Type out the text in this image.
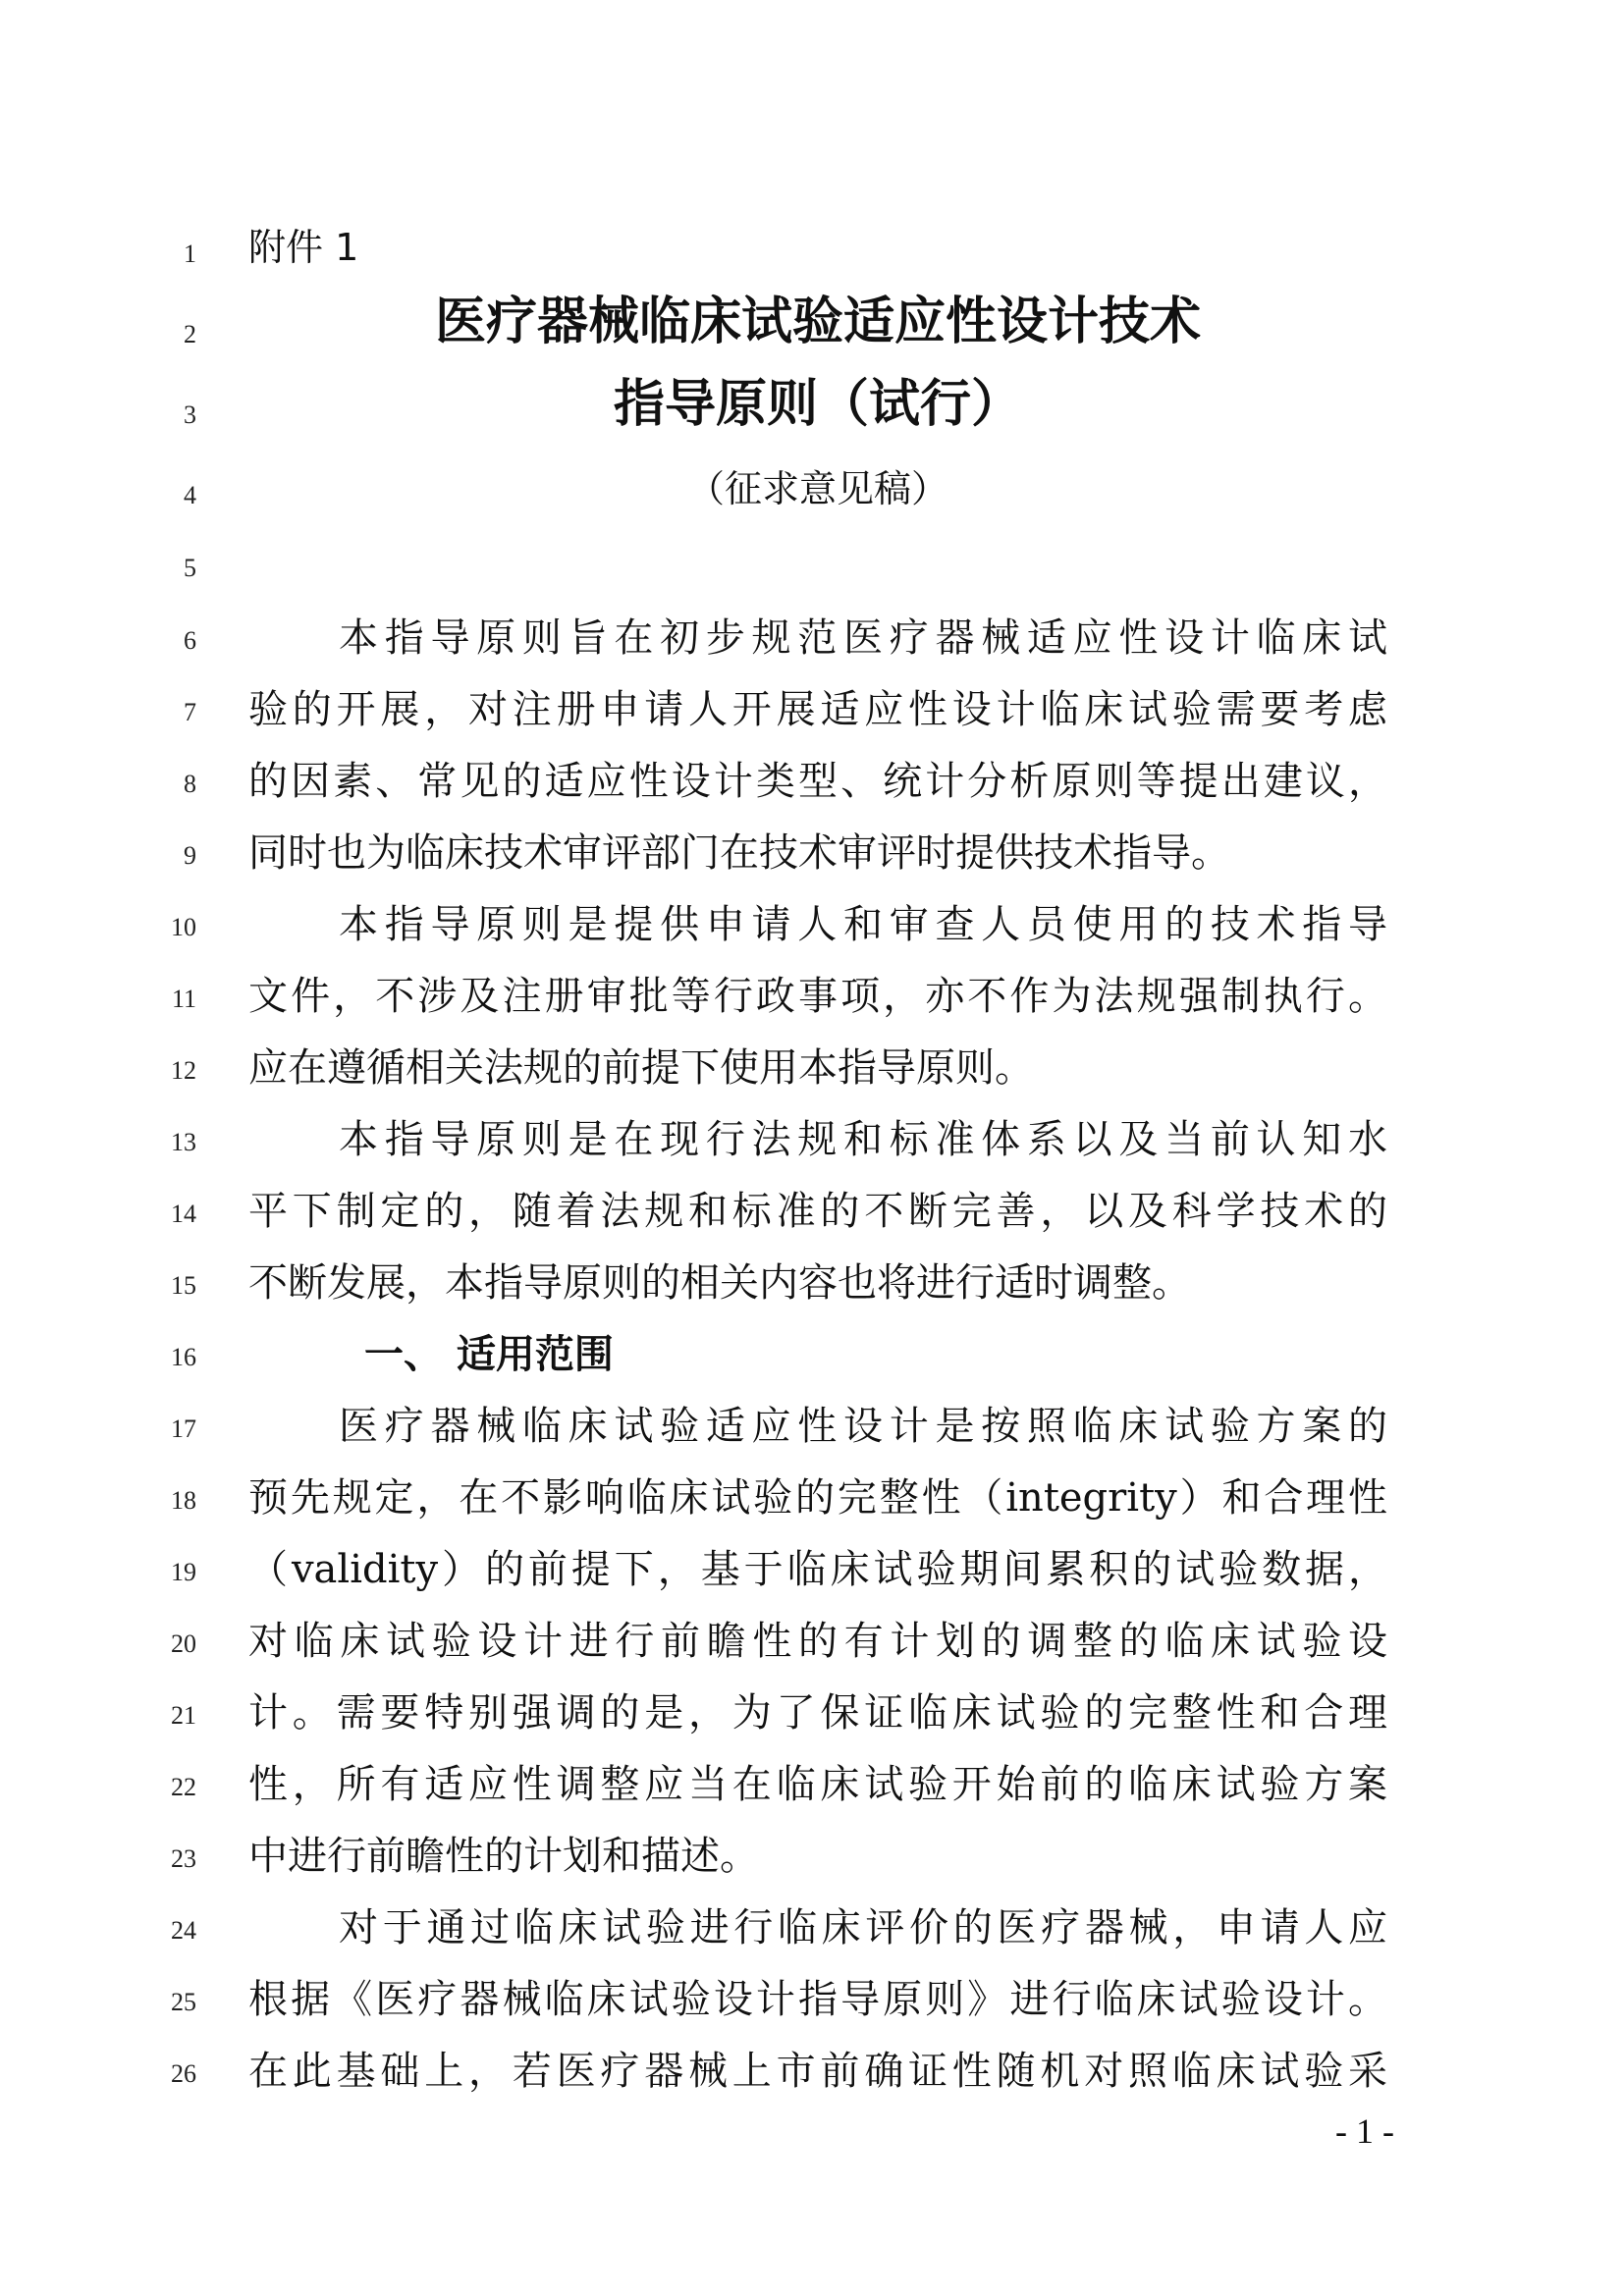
1
2
3
4
5
6
7
8
9
10
11
12
13
14
15
16
17
18
19
20
21
22
23
24
25
26
附件 1
医疗器械临床试验适应性设计技术
指导原则（试行）
（征求意见稿）
本指导原则旨在初步规范医疗器械适应性设计临床试
验的开展，对注册申请人开展适应性设计临床试验需要考虑
的因素、常见的适应性设计类型、统计分析原则等提出建议，
同时也为临床技术审评部门在技术审评时提供技术指导。
本指导原则是提供申请人和审查人员使用的技术指导
文件，不涉及注册审批等行政事项，亦不作为法规强制执行。
应在遵循相关法规的前提下使用本指导原则。
本指导原则是在现行法规和标准体系以及当前认知水
平下制定的，随着法规和标准的不断完善，以及科学技术的
不断发展，本指导原则的相关内容也将进行适时调整。
一、 适用范围
医疗器械临床试验适应性设计是按照临床试验方案的
预先规定，在不影响临床试验的完整性（integrity）和合理性
（validity）的前提下，基于临床试验期间累积的试验数据，
对临床试验设计进行前瞻性的有计划的调整的临床试验设
计。需要特别强调的是，为了保证临床试验的完整性和合理
性，所有适应性调整应当在临床试验开始前的临床试验方案
中进行前瞻性的计划和描述。
对于通过临床试验进行临床评价的医疗器械，申请人应
根据《医疗器械临床试验设计指导原则》进行临床试验设计。
在此基础上，若医疗器械上市前确证性随机对照临床试验采
- 1 -
